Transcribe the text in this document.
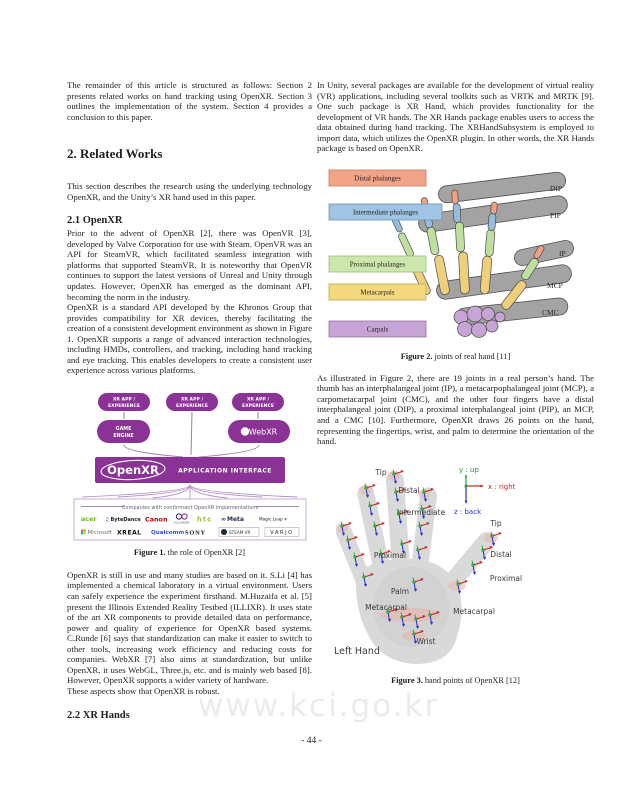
The remainder of this article is structured as follows: Section 2 presents related works on hand tracking using OpenXR. Section 3 outlines the implementation of the system. Section 4 provides a conclusion to this paper.

2. Related Works

This section describes the research using the underlying technology OpenXR, and the Unity’s XR hand used in this paper.

2.1 OpenXR

Prior to the advent of OpenXR [2], there was OpenVR [3], developed by Valve Corporation for use with Steam. OpenVR was an API for SteamVR, which facilitated seamless integration with platforms that supported SteamVR. It is noteworthy that OpenVR continues to support the latest versions of Unreal and Unity through updates. However, OpenXR has emerged as the dominant API, becoming the norm in the industry.

OpenXR is a standard API developed by the Khronos Group that provides compatibility for XR devices, thereby facilitating the creation of a consistent development environment as shown in Figure 1. OpenXR supports a range of advanced interaction technologies, including HMDs, controllers, and tracking, including hand tracking and eye tracking. This enables developers to create a consistent user experience across various platforms.

XR APP /
EXPERIENCE
XR APP /
EXPERIENCE
XR APP /
EXPERIENCE
GAME
ENGINE	WebXR
OpenXR	APPLICATION INTERFACE
Companies with conformant OpenXR implementations
acer ♫ByteDance Canon COLLABORA htc ∞Meta	Magic Leap✳
Microsoft XREAL Qualcomm SONY	STEAM VR	VARJO
Figure 1. the role of OpenXR [2]

OpenXR is still in use and many studies are based on it. S.Li [4] has implemented a chemical laboratory in a virtual environment. Users can safely experience the experiment firsthand. M.Huzaifa et al. [5] present the Illinois Extended Reality Testbed (ILLIXR). It uses state of the art XR components to provide detailed data on performance, power and quality of experience for OpenXR based systems. C.Runde [6] says that standardization can make it easier to switch to other tools, increasing work efficiency and reducing costs for companies. WebXR [7] also aims at standardization, but unlike OpenXR, it uses WebGL, Three.js, etc. and is mainly web based [8]. However, OpenXR supports a wider variety of hardware.

These aspects show that OpenXR is robust.

2.2 XR Hands

In Unity, several packages are available for the development of virtual reality (VR) applications, including several toolkits such as VRTK and MRTK [9]. One such package is XR Hand, which provides functionality for the development of VR hands. The XR Hands package enables users to access the data obtained during hand tracking. The XRHandSubsystem is employed to import data, which utilizes the OpenXR plugin. In other words, the XR Hands package is based on OpenXR.

DIP
PIP
IP
MCP
CMC
Distal phalanges
Intermediate phalanges
Proximal phalanges
Metacarpals
Carpals
Figure 2. joints of real hand [11]

As illustrated in Figure 2, there are 19 joints in a real person’s hand. The thumb has an interphalangeal joint (IP), a metacarpophalangeal joint (MCP), a carpometacarpal joint (CMC), and the other four fingers have a distal interphalangeal joint (DIP), a proximal interphalangeal joint (PIP), an MCP, and a CMC [10]. Furthermore, OpenXR draws 26 points on the hand, representing the fingertips, wrist, and palm to determine the orientation of the hand.

y : up
x : right
z : back
Tip
Distal
Intermediate
Proximal
Palm
Metacarpal
Wrist
Tip
Distal
Proximal
Metacarpal
Left Hand
Figure 3. hand points of OpenXR [12]
www.kci.go.kr
- 44 -
